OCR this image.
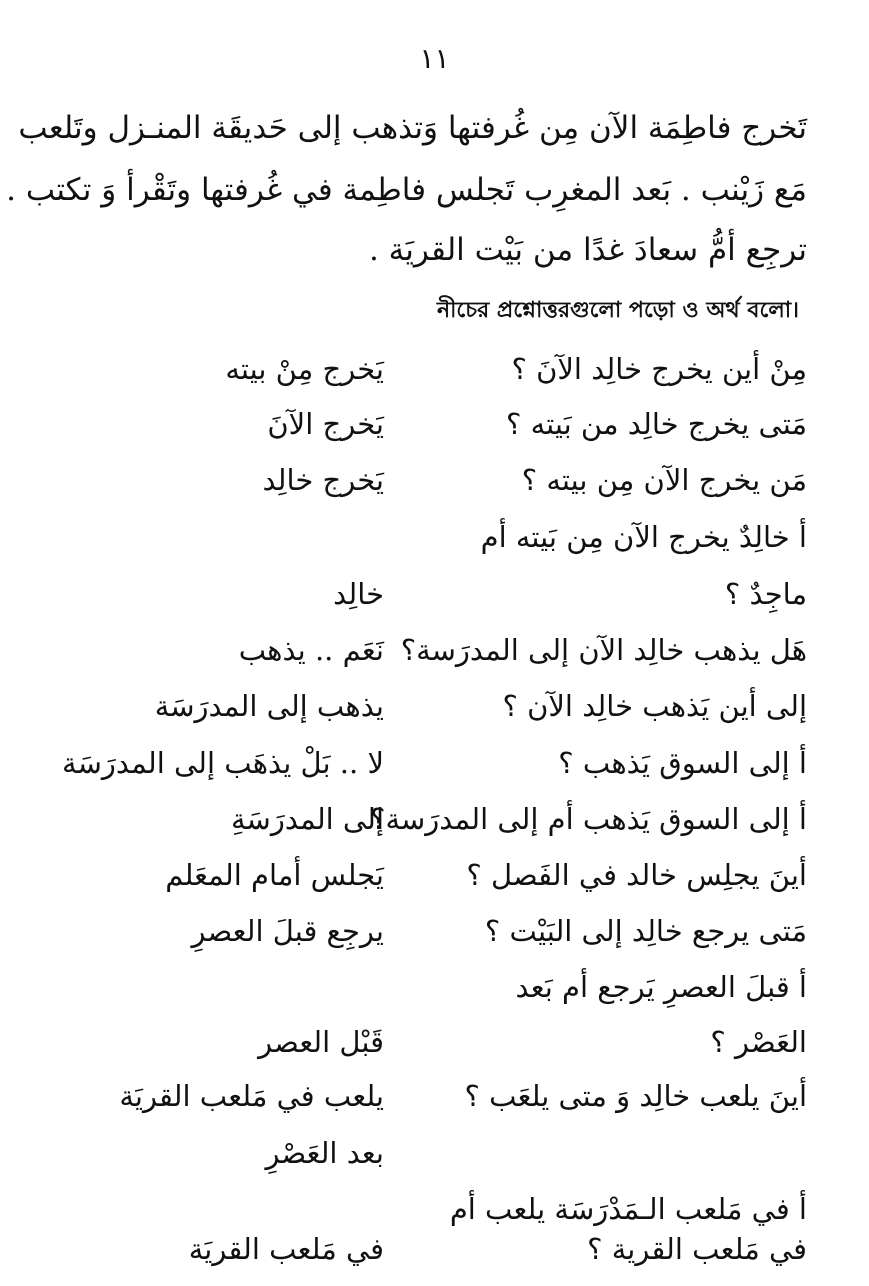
١١
تَخرج فاطِمَة الآن مِن غُرفتها وَتذهب إلى حَديقَة المنـزل وتَلعب
مَع زَيْنب . بَعد المغرِب تَجلس فاطِمة في غُرفتها وتَقْرأ وَ تكتب .
ترجِع أمُّ سعادَ غدًا من بَيْت القريَة .
নীচের প্রশ্নোত্তরগুলো পড়ো ও অর্থ বলো।
مِنْ أين يخرج خالِد الآنَ ؟
يَخرج مِنْ بيته
مَتى يخرج خالِد من بَيته ؟
يَخرج الآنَ
مَن يخرج الآن مِن بيته ؟
يَخرج خالِد
أ خالِدٌ يخرج الآن مِن بَيته أم
ماجِدٌ ؟
خالِد
هَل يذهب خالِد الآن إلى المدرَسة؟
نَعَم .. يذهب
إلى أين يَذهب خالِد الآن ؟
يذهب إلى المدرَسَة
أ إلى السوق يَذهب ؟
لا .. بَلْ يذهَب إلى المدرَسَة
أ إلى السوق يَذهب أم إلى المدرَسة؟
إلى المدرَسَةِ
أينَ يجلِس خالد في الفَصل ؟
يَجلس أمام المعَلم
مَتى يرجع خالِد إلى البَيْت ؟
يرجِع قبلَ العصرِ
أ قبلَ العصرِ يَرجع أم بَعد
العَصْر ؟
قَبْل العصر
أينَ يلعب خالِد وَ متى يلعَب ؟
يلعب في مَلعب القريَة
بعد العَصْرِ
أ في مَلعب الـمَدْرَسَة يلعب أم
في مَلعب القرية ؟
في مَلعب القريَة
